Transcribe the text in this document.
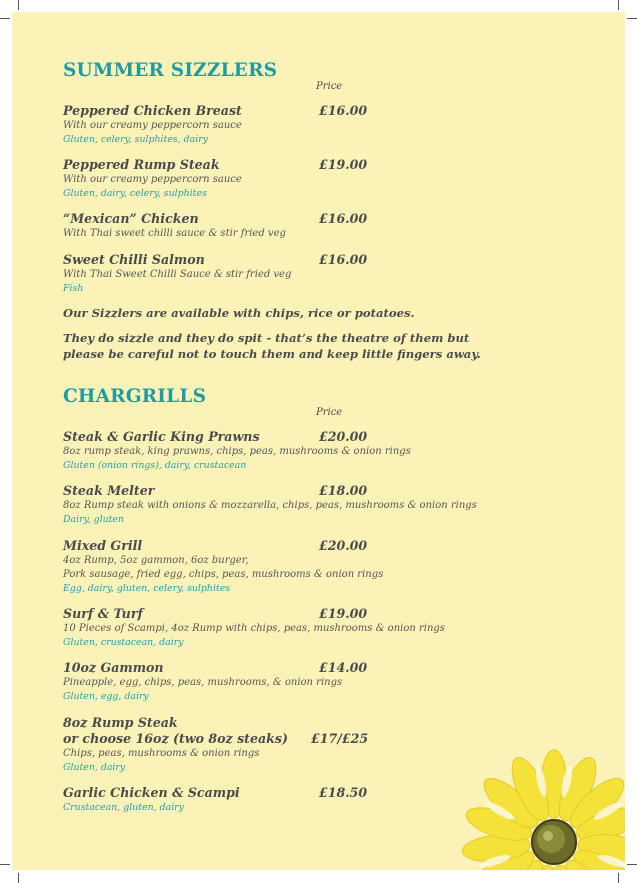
SUMMER SIZZLERS
Price
Peppered Chicken Breast	£16.00
With our creamy peppercorn sauce
Gluten, celery, sulphites, dairy
Peppered Rump Steak	£19.00
With our creamy peppercorn sauce
Gluten, dairy, celery, sulphites
“Mexican” Chicken	£16.00
With Thai sweet chilli sauce & stir fried veg
Sweet Chilli Salmon	£16.00
With Thai Sweet Chilli Sauce & stir fried veg
Fish
Our Sizzlers are available with chips, rice or potatoes.
They do sizzle and they do spit - that’s the theatre of them but please be careful not to touch them and keep little fingers away.
CHARGRILLS
Price
Steak & Garlic King Prawns	£20.00
8oz rump steak, king prawns, chips, peas, mushrooms & onion rings
Gluten (onion rings), dairy, crustacean
Steak Melter	£18.00
8oz Rump steak with onions & mozzarella, chips, peas, mushrooms & onion rings
Dairy, gluten
Mixed Grill	£20.00
4oz Rump, 5oz gammon, 6oz burger,
Pork sausage, fried egg, chips, peas, mushrooms & onion rings
Egg, dairy, gluten, celery, sulphites
Surf & Turf	£19.00
10 Pieces of Scampi, 4oz Rump with chips, peas, mushrooms & onion rings
Gluten, crustacean, dairy
10oz Gammon	£14.00
Pineapple, egg, chips, peas, mushrooms, & onion rings
Gluten, egg, dairy
8oz Rump Steak
or choose 16oz (two 8oz steaks)	£17/£25
Chips, peas, mushrooms & onion rings
Gluten, dairy
Garlic Chicken & Scampi	£18.50
Crustacean, gluten, dairy
